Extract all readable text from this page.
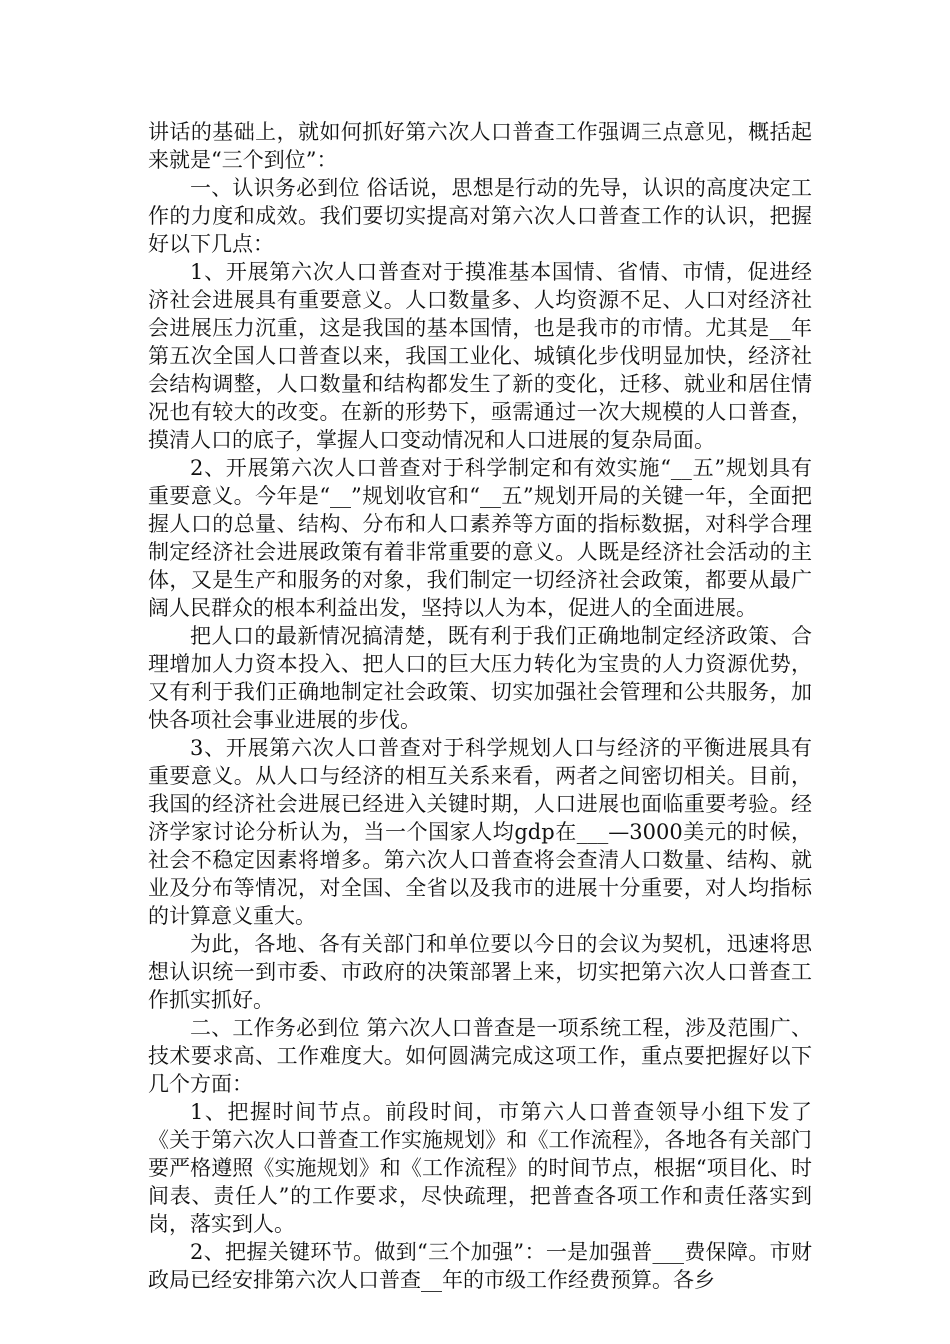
讲话的基础上，就如何抓好第六次人口普查工作强调三点意见，概括起来就是“三个到位”：

一、认识务必到位 俗话说，思想是行动的先导，认识的高度决定工作的力度和成效。我们要切实提高对第六次人口普查工作的认识，把握好以下几点：

1、开展第六次人口普查对于摸准基本国情、省情、市情，促进经济社会进展具有重要意义。人口数量多、人均资源不足、人口对经济社会进展压力沉重，这是我国的基本国情，也是我市的市情。尤其是__年第五次全国人口普查以来，我国工业化、城镇化步伐明显加快，经济社会结构调整，人口数量和结构都发生了新的变化，迁移、就业和居住情况也有较大的改变。在新的形势下，亟需通过一次大规模的人口普查，摸清人口的底子，掌握人口变动情况和人口进展的复杂局面。

2、开展第六次人口普查对于科学制定和有效实施“__五”规划具有重要意义。今年是“__”规划收官和“__五”规划开局的关键一年，全面把握人口的总量、结构、分布和人口素养等方面的指标数据，对科学合理制定经济社会进展政策有着非常重要的意义。人既是经济社会活动的主体，又是生产和服务的对象，我们制定一切经济社会政策，都要从最广阔人民群众的根本利益出发，坚持以人为本，促进人的全面进展。

把人口的最新情况搞清楚，既有利于我们正确地制定经济政策、合理增加人力资本投入、把人口的巨大压力转化为宝贵的人力资源优势，又有利于我们正确地制定社会政策、切实加强社会管理和公共服务，加快各项社会事业进展的步伐。

3、开展第六次人口普查对于科学规划人口与经济的平衡进展具有重要意义。从人口与经济的相互关系来看，两者之间密切相关。目前，我国的经济社会进展已经进入关键时期，人口进展也面临重要考验。经济学家讨论分析认为，当一个国家人均gdp在___—3000美元的时候，社会不稳定因素将增多。第六次人口普查将会查清人口数量、结构、就业及分布等情况，对全国、全省以及我市的进展十分重要，对人均指标的计算意义重大。

为此，各地、各有关部门和单位要以今日的会议为契机，迅速将思想认识统一到市委、市政府的决策部署上来，切实把第六次人口普查工作抓实抓好。

二、工作务必到位 第六次人口普查是一项系统工程，涉及范围广、技术要求高、工作难度大。如何圆满完成这项工作，重点要把握好以下几个方面：

1、把握时间节点。前段时间，市第六人口普查领导小组下发了《关于第六次人口普查工作实施规划》和《工作流程》，各地各有关部门要严格遵照《实施规划》和《工作流程》的时间节点，根据“项目化、时间表、责任人”的工作要求，尽快疏理，把普查各项工作和责任落实到岗，落实到人。

2、把握关键环节。做到“三个加强”：一是加强普___费保障。市财政局已经安排第六次人口普查__年的市级工作经费预算。各乡
